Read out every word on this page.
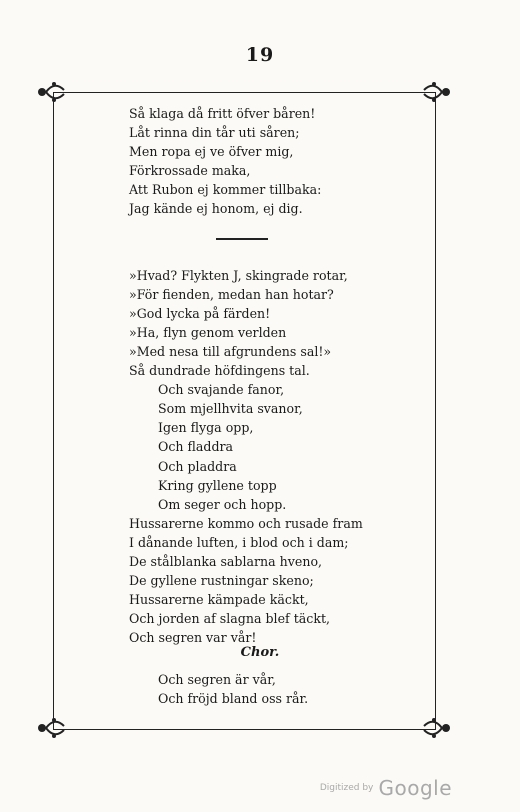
19
Så klaga då fritt öfver båren!
Låt rinna din tår uti såren;
Men ropa ej ve öfver mig,
Förkrossade maka,
Att Rubon ej kommer tillbaka:
Jag kände ej honom, ej dig.
»Hvad? Flykten J, skingrade rotar,
»För fienden, medan han hotar?
»God lycka på färden!
»Ha, flyn genom verlden
»Med nesa till afgrundens sal!»
Så dundrade höfdingens tal.
Och svajande fanor,
Som mjellhvita svanor,
Igen flyga opp,
Och fladdra
Och pladdra
Kring gyllene topp
Om seger och hopp.
Hussarerne kommo och rusade fram
I dånande luften, i blod och i dam;
De stålblanka sablarna hveno,
De gyllene rustningar skeno;
Hussarerne kämpade käckt,
Och jorden af slagna blef täckt,
Och segren var vår!
Chor.
Och segren är vår,
Och fröjd bland oss rår.
Digitized by Google
